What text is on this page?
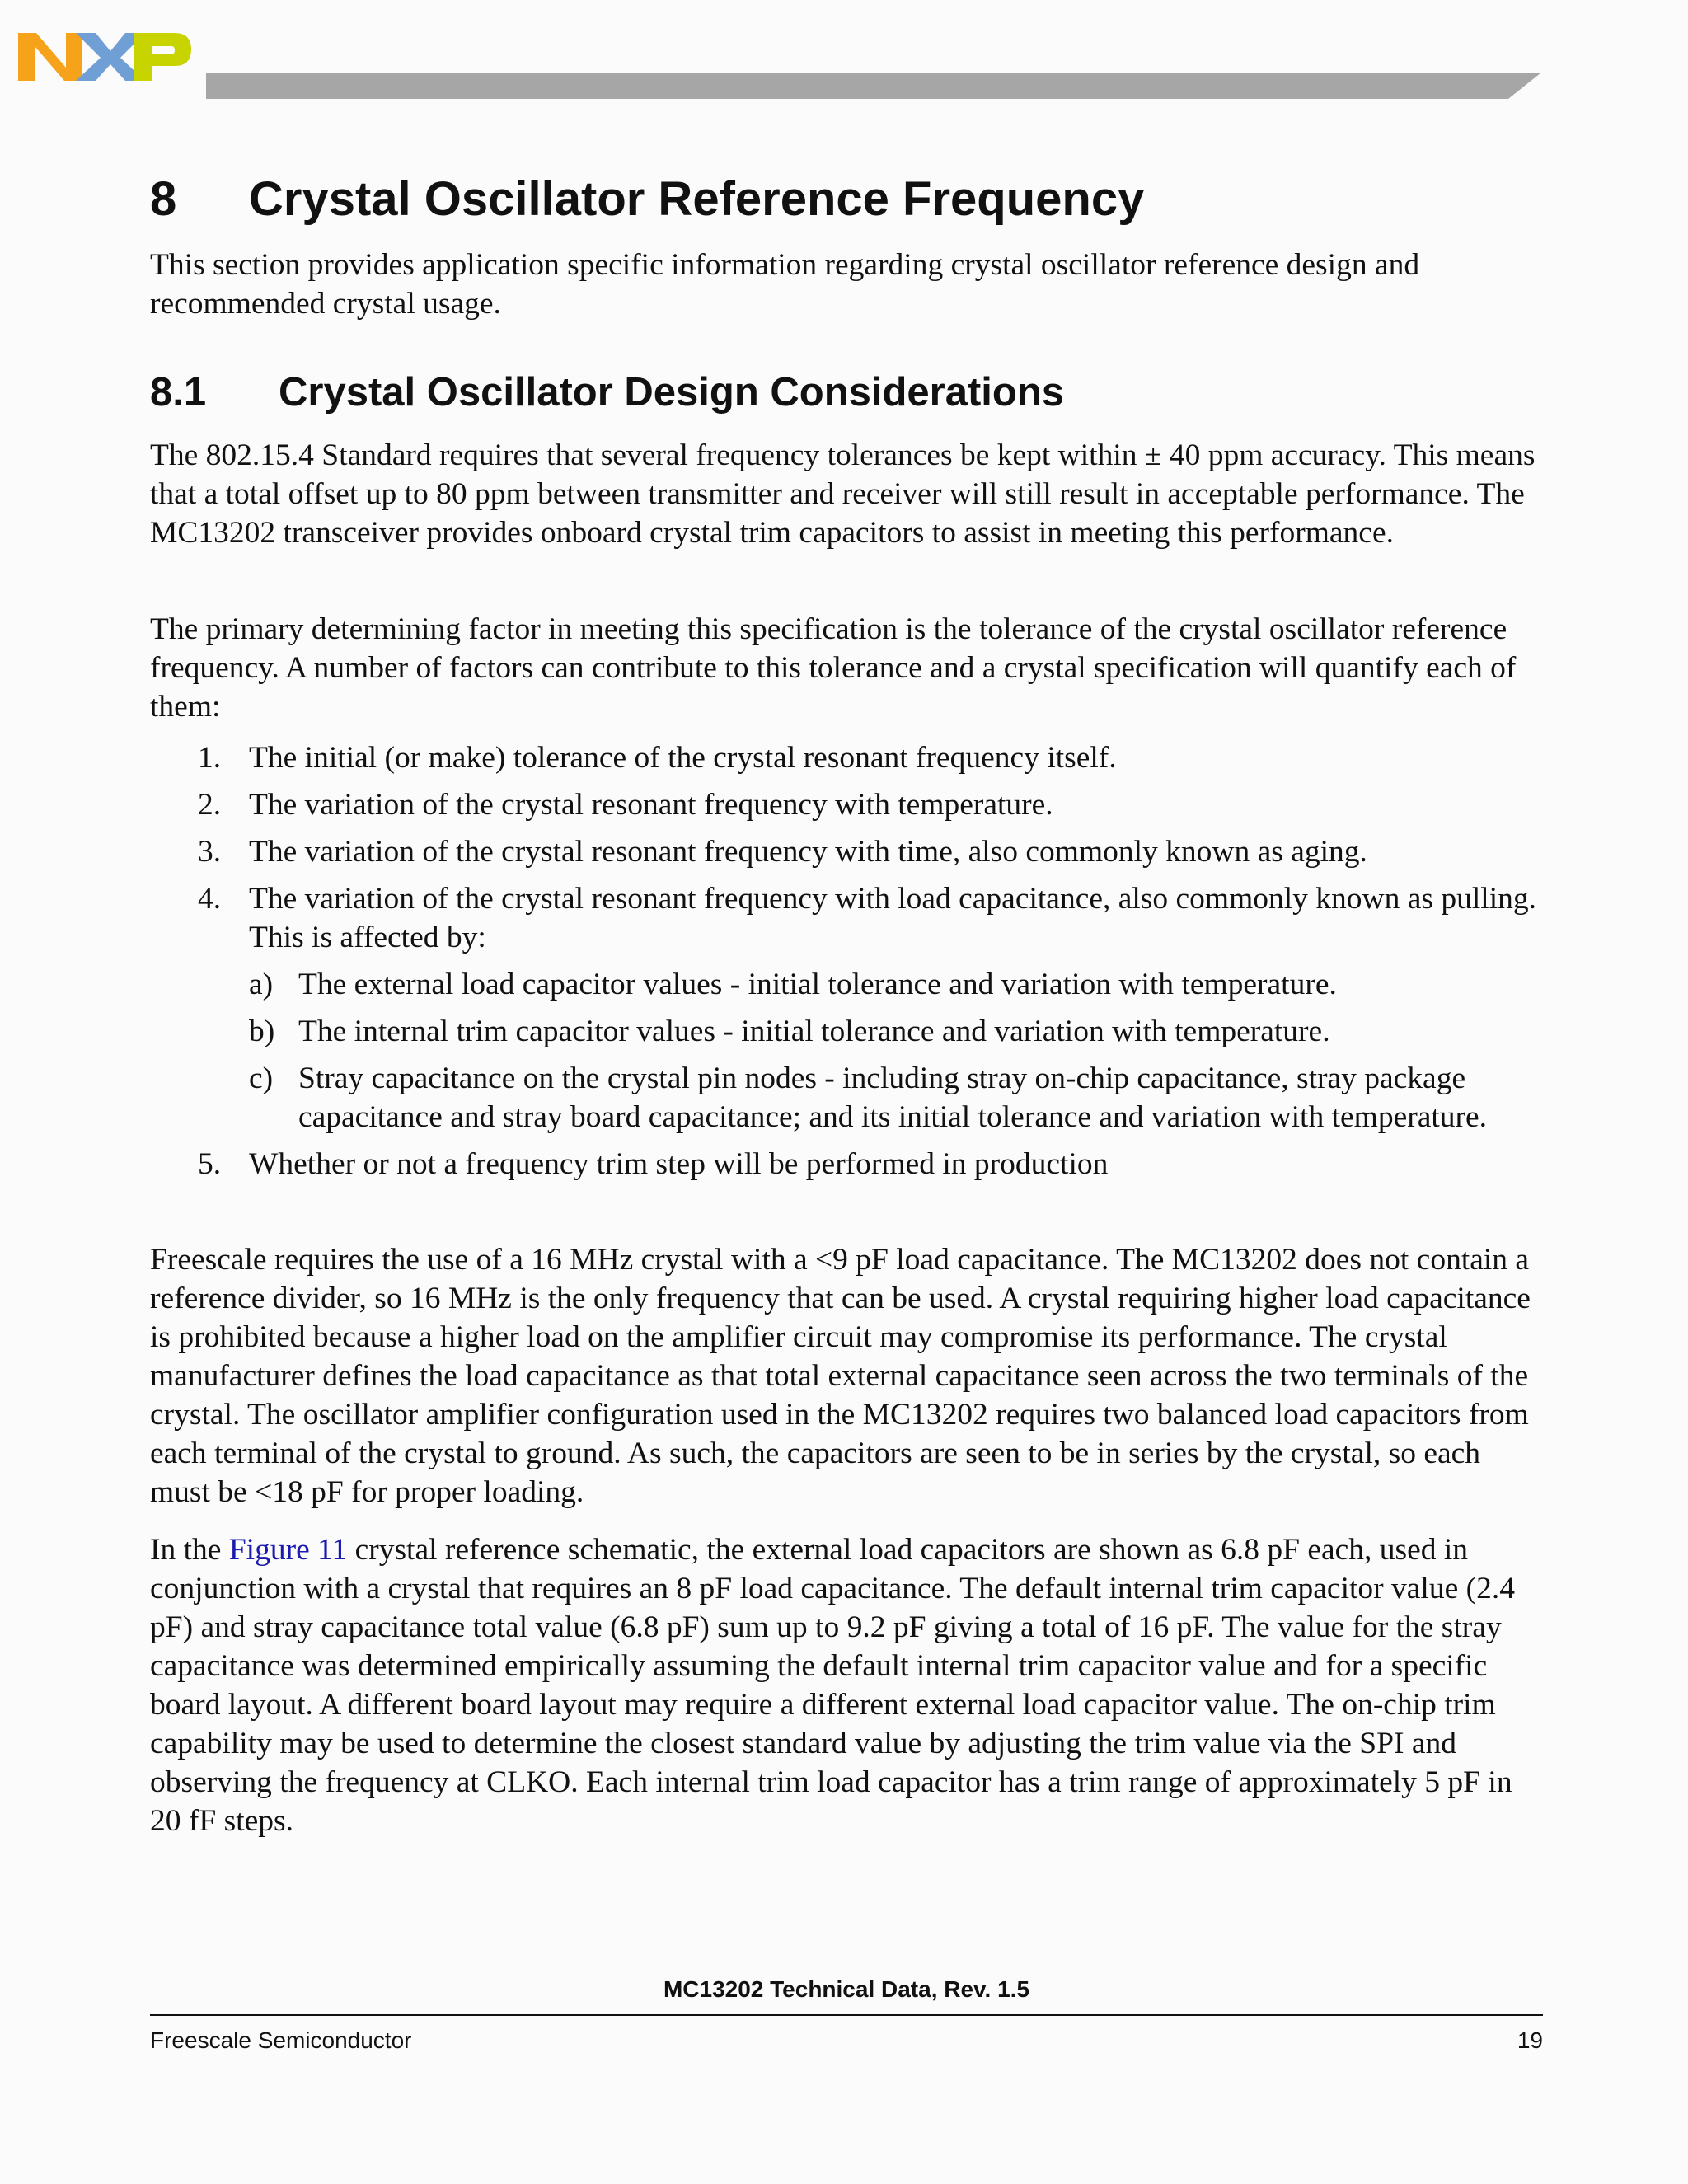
8 Crystal Oscillator Reference Frequency

This section provides application specific information regarding crystal oscillator reference design and recommended crystal usage.

8.1 Crystal Oscillator Design Considerations

The 802.15.4 Standard requires that several frequency tolerances be kept within ± 40 ppm accuracy. This means that a total offset up to 80 ppm between transmitter and receiver will still result in acceptable performance. The MC13202 transceiver provides onboard crystal trim capacitors to assist in meeting this performance.

The primary determining factor in meeting this specification is the tolerance of the crystal oscillator reference frequency. A number of factors can contribute to this tolerance and a crystal specification will quantify each of them:

1. The initial (or make) tolerance of the crystal resonant frequency itself.
2. The variation of the crystal resonant frequency with temperature.
3. The variation of the crystal resonant frequency with time, also commonly known as aging.
4. The variation of the crystal resonant frequency with load capacitance, also commonly known as pulling. This is affected by:
a) The external load capacitor values - initial tolerance and variation with temperature.
b) The internal trim capacitor values - initial tolerance and variation with temperature.
c) Stray capacitance on the crystal pin nodes - including stray on-chip capacitance, stray package capacitance and stray board capacitance; and its initial tolerance and variation with temperature.
5. Whether or not a frequency trim step will be performed in production

Freescale requires the use of a 16 MHz crystal with a <9 pF load capacitance. The MC13202 does not contain a reference divider, so 16 MHz is the only frequency that can be used. A crystal requiring higher load capacitance is prohibited because a higher load on the amplifier circuit may compromise its performance. The crystal manufacturer defines the load capacitance as that total external capacitance seen across the two terminals of the crystal. The oscillator amplifier configuration used in the MC13202 requires two balanced load capacitors from each terminal of the crystal to ground. As such, the capacitors are seen to be in series by the crystal, so each must be <18 pF for proper loading.

In the Figure 11 crystal reference schematic, the external load capacitors are shown as 6.8 pF each, used in conjunction with a crystal that requires an 8 pF load capacitance. The default internal trim capacitor value (2.4 pF) and stray capacitance total value (6.8 pF) sum up to 9.2 pF giving a total of 16 pF. The value for the stray capacitance was determined empirically assuming the default internal trim capacitor value and for a specific board layout. A different board layout may require a different external load capacitor value. The on-chip trim capability may be used to determine the closest standard value by adjusting the trim value via the SPI and observing the frequency at CLKO. Each internal trim load capacitor has a trim range of approximately 5 pF in 20 fF steps.

MC13202 Technical Data, Rev. 1.5
Freescale Semiconductor	19
